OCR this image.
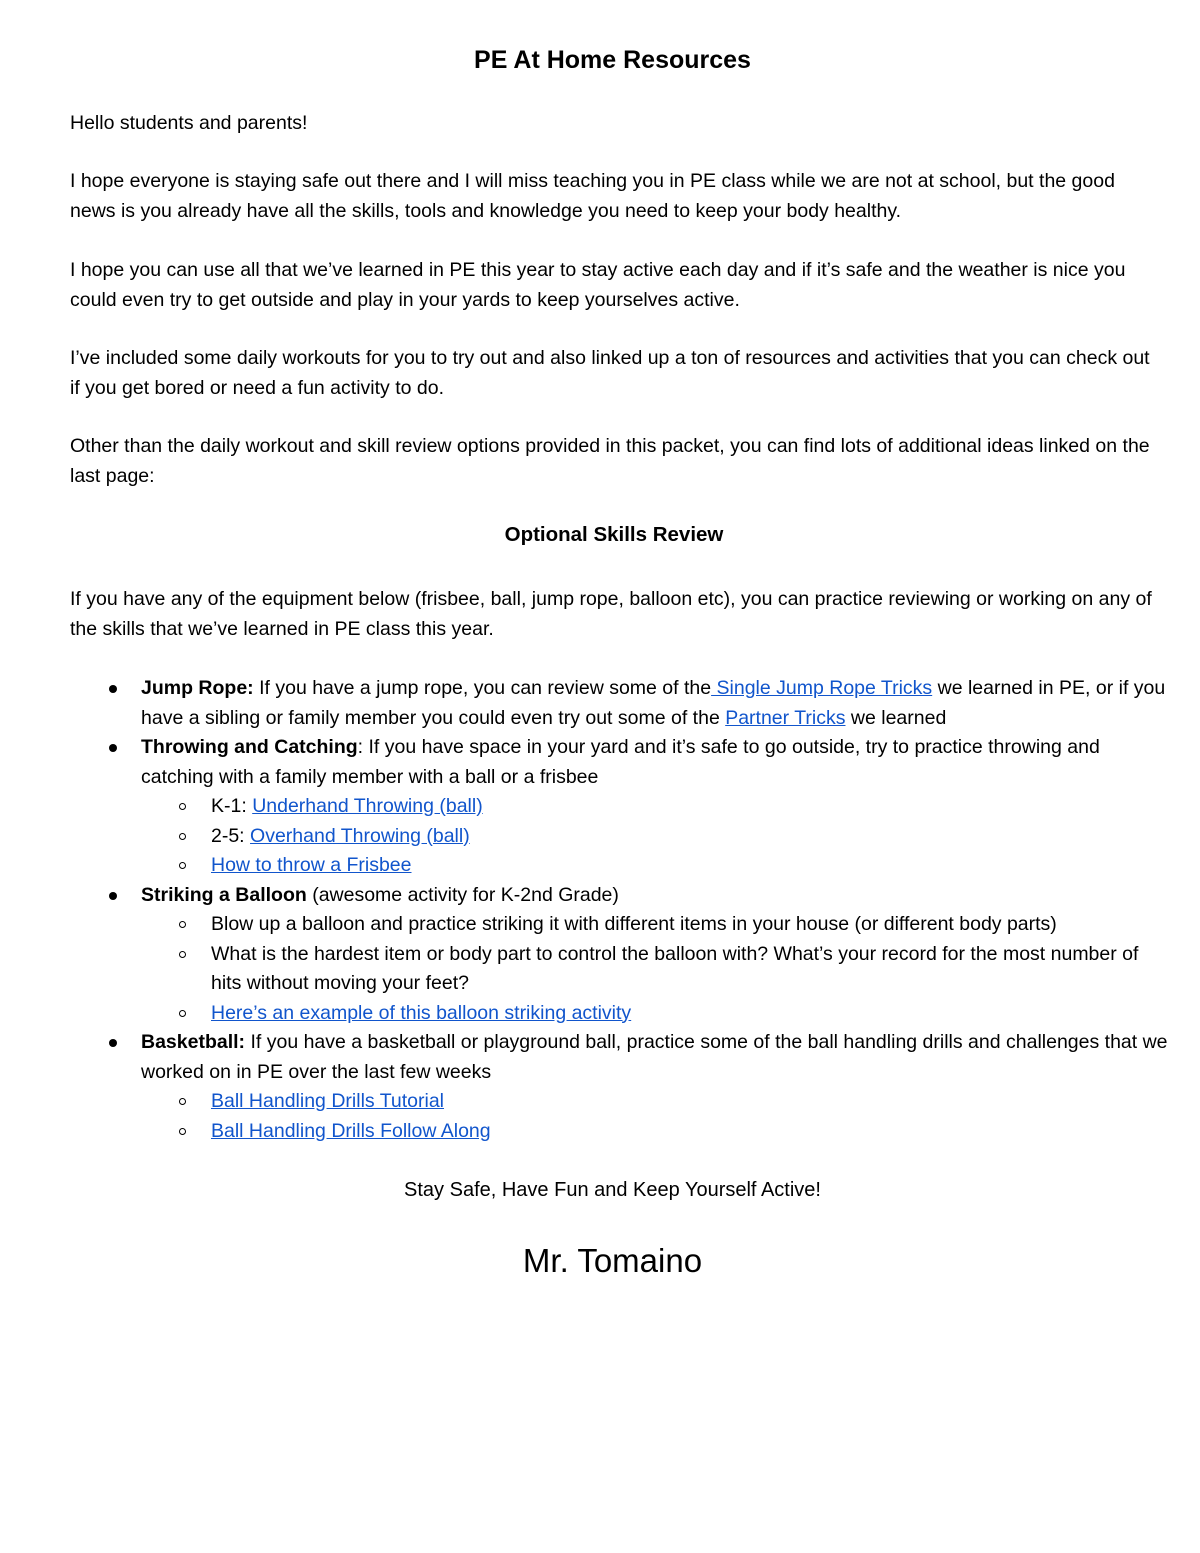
PE At Home Resources

Hello students and parents!

I hope everyone is staying safe out there and I will miss teaching you in PE class while we are not at school, but the good news is you already have all the skills, tools and knowledge you need to keep your body healthy.

I hope you can use all that we’ve learned in PE this year to stay active each day and if it’s safe and the weather is nice you could even try to get outside and play in your yards to keep yourselves active.

I’ve included some daily workouts for you to try out and also linked up a ton of resources and activities that you can check out if you get bored or need a fun activity to do.

Other than the daily workout and skill review options provided in this packet, you can find lots of additional ideas linked on the last page:

Optional Skills Review

If you have any of the equipment below (frisbee, ball, jump rope, balloon etc), you can practice reviewing or working on any of the skills that we’ve learned in PE class this year.

Jump Rope: If you have a jump rope, you can review some of the Single Jump Rope Tricks we learned in PE, or if you have a sibling or family member you could even try out some of the Partner Tricks we learned
Throwing and Catching: If you have space in your yard and it’s safe to go outside, try to practice throwing and catching with a family member with a ball or a frisbee
K-1: Underhand Throwing (ball)
2-5: Overhand Throwing (ball)
How to throw a Frisbee
Striking a Balloon (awesome activity for K-2nd Grade)
Blow up a balloon and practice striking it with different items in your house (or different body parts)
What is the hardest item or body part to control the balloon with? What’s your record for the most number of hits without moving your feet?
Here’s an example of this balloon striking activity
Basketball: If you have a basketball or playground ball, practice some of the ball handling drills and challenges that we worked on in PE over the last few weeks
Ball Handling Drills Tutorial
Ball Handling Drills Follow Along
Stay Safe, Have Fun and Keep Yourself Active!
Mr. Tomaino
